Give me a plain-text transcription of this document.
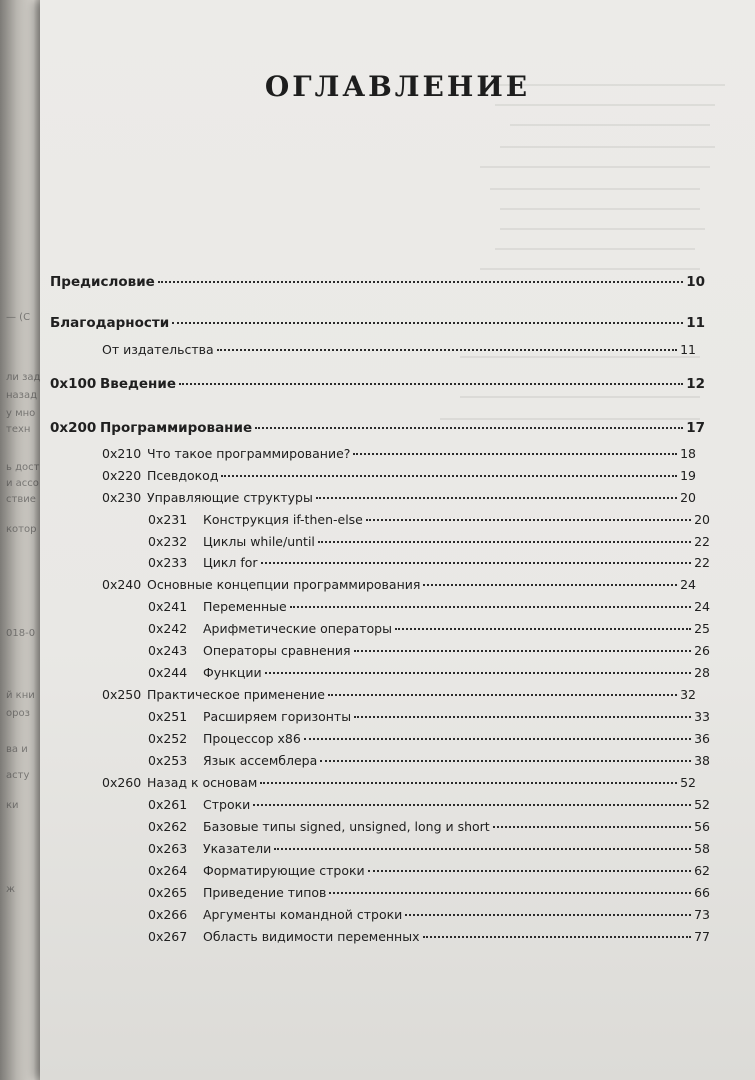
— (С
ли зад
назад
у мно
техн
ь дост
и ассо
ствие
котор
018-0
й кни
ороз
ва и
асту
ки
ж
ОГЛАВЛЕНИЕ
Предисловие	10
Благодарности	11
От издательства	11
0x100 Введение	12
0x200 Программирование	17
0x210 Что такое программирование?	18
0x220 Псевдокод	19
0x230 Управляющие структуры	20
0x231	Конструкция if-then-else	20
0x232	Циклы while/until	22
0x233	Цикл for	22
0x240 Основные концепции программирования	24
0x241	Переменные	24
0x242	Арифметические операторы	25
0x243	Операторы сравнения	26
0x244	Функции	28
0x250 Практическое применение	32
0x251	Расширяем горизонты	33
0x252	Процессор x86	36
0x253	Язык ассемблера	38
0x260 Назад к основам	52
0x261	Строки	52
0x262	Базовые типы signed, unsigned, long и short	56
0x263	Указатели	58
0x264	Форматирующие строки	62
0x265	Приведение типов	66
0x266	Аргументы командной строки	73
0x267	Область видимости переменных	77
